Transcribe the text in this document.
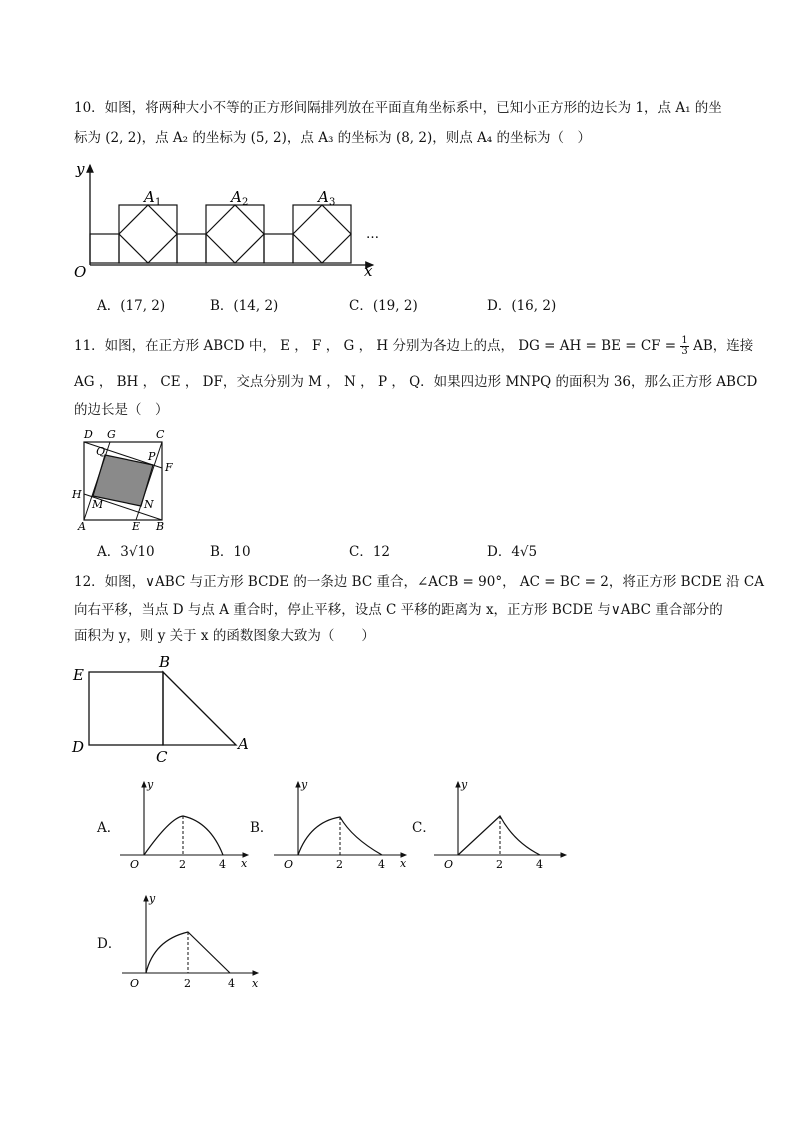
10．如图，将两种大小不等的正方形间隔排列放在平面直角坐标系中，已知小正方形的边长为 1，点 A₁ 的坐
标为 (2, 2)，点 A₂ 的坐标为 (5, 2)，点 A₃ 的坐标为 (8, 2)，则点 A₄ 的坐标为（　）
y
O	x
A 1	A 2	A 3
…
A．(17, 2)	B．(14, 2)	C．(19, 2)	D．(16, 2)
11．如图，在正方形 ABCD 中， E ， F ， G ， H 分别为各边上的点， DG = AH = BE = CF = $\frac{1}{3}$ AB，连接
AG ， BH ， CE ， DF，交点分别为 M ， N ， P ， Q．如果四边形 MNPQ 的面积为 36，那么正方形 ABCD
的边长是（　）
D G	C
Q	P
F
H
M	N
A	E B
A．3√10	B．10	C．12	D．4√5
12．如图，∨ABC 与正方形 BCDE 的一条边 BC 重合，∠ACB = 90°， AC = BC = 2，将正方形 BCDE 沿 CA
向右平移，当点 D 与点 A 重合时，停止平移，设点 C 平移的距离为 x，正方形 BCDE 与∨ABC 重合部分的
面积为 y，则 y 关于 x 的函数图象大致为（　　）
E
B
D
C
A
A．
y
O	x
2	4
B．
y
O	x
2	4
C．
y
O	2	4
D．
y
O	x
2	4
